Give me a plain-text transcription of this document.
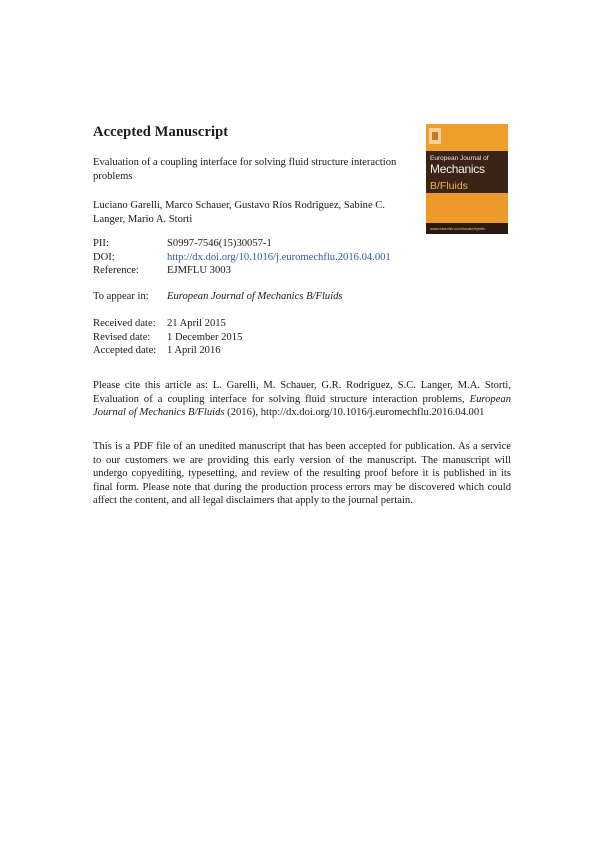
Accepted Manuscript
Evaluation of a coupling interface for solving fluid structure interaction problems
Luciano Garelli, Marco Schauer, Gustavo Ríos Rodriguez, Sabine C. Langer, Mario A. Storti
PII:	S0997-7546(15)30057-1
DOI:	http://dx.doi.org/10.1016/j.euromechflu.2016.04.001
Reference:	EJMFLU 3003
To appear in:	European Journal of Mechanics B/Fluids
Received date:	21 April 2015
Revised date:	1 December 2015
Accepted date:	1 April 2016
Please cite this article as: L. Garelli, M. Schauer, G.R. Rodriguez, S.C. Langer, M.A. Storti, Evaluation of a coupling interface for solving fluid structure interaction problems, European Journal of Mechanics B/Fluids (2016), http://dx.doi.org/10.1016/j.euromechflu.2016.04.001
This is a PDF file of an unedited manuscript that has been accepted for publication. As a service to our customers we are providing this early version of the manuscript. The manuscript will undergo copyediting, typesetting, and review of the resulting proof before it is published in its final form. Please note that during the production process errors may be discovered which could affect the content, and all legal disclaimers that apply to the journal pertain.
European Journal of
Mechanics
B/Fluids
www.elsevier.com/locate/ejmflu
